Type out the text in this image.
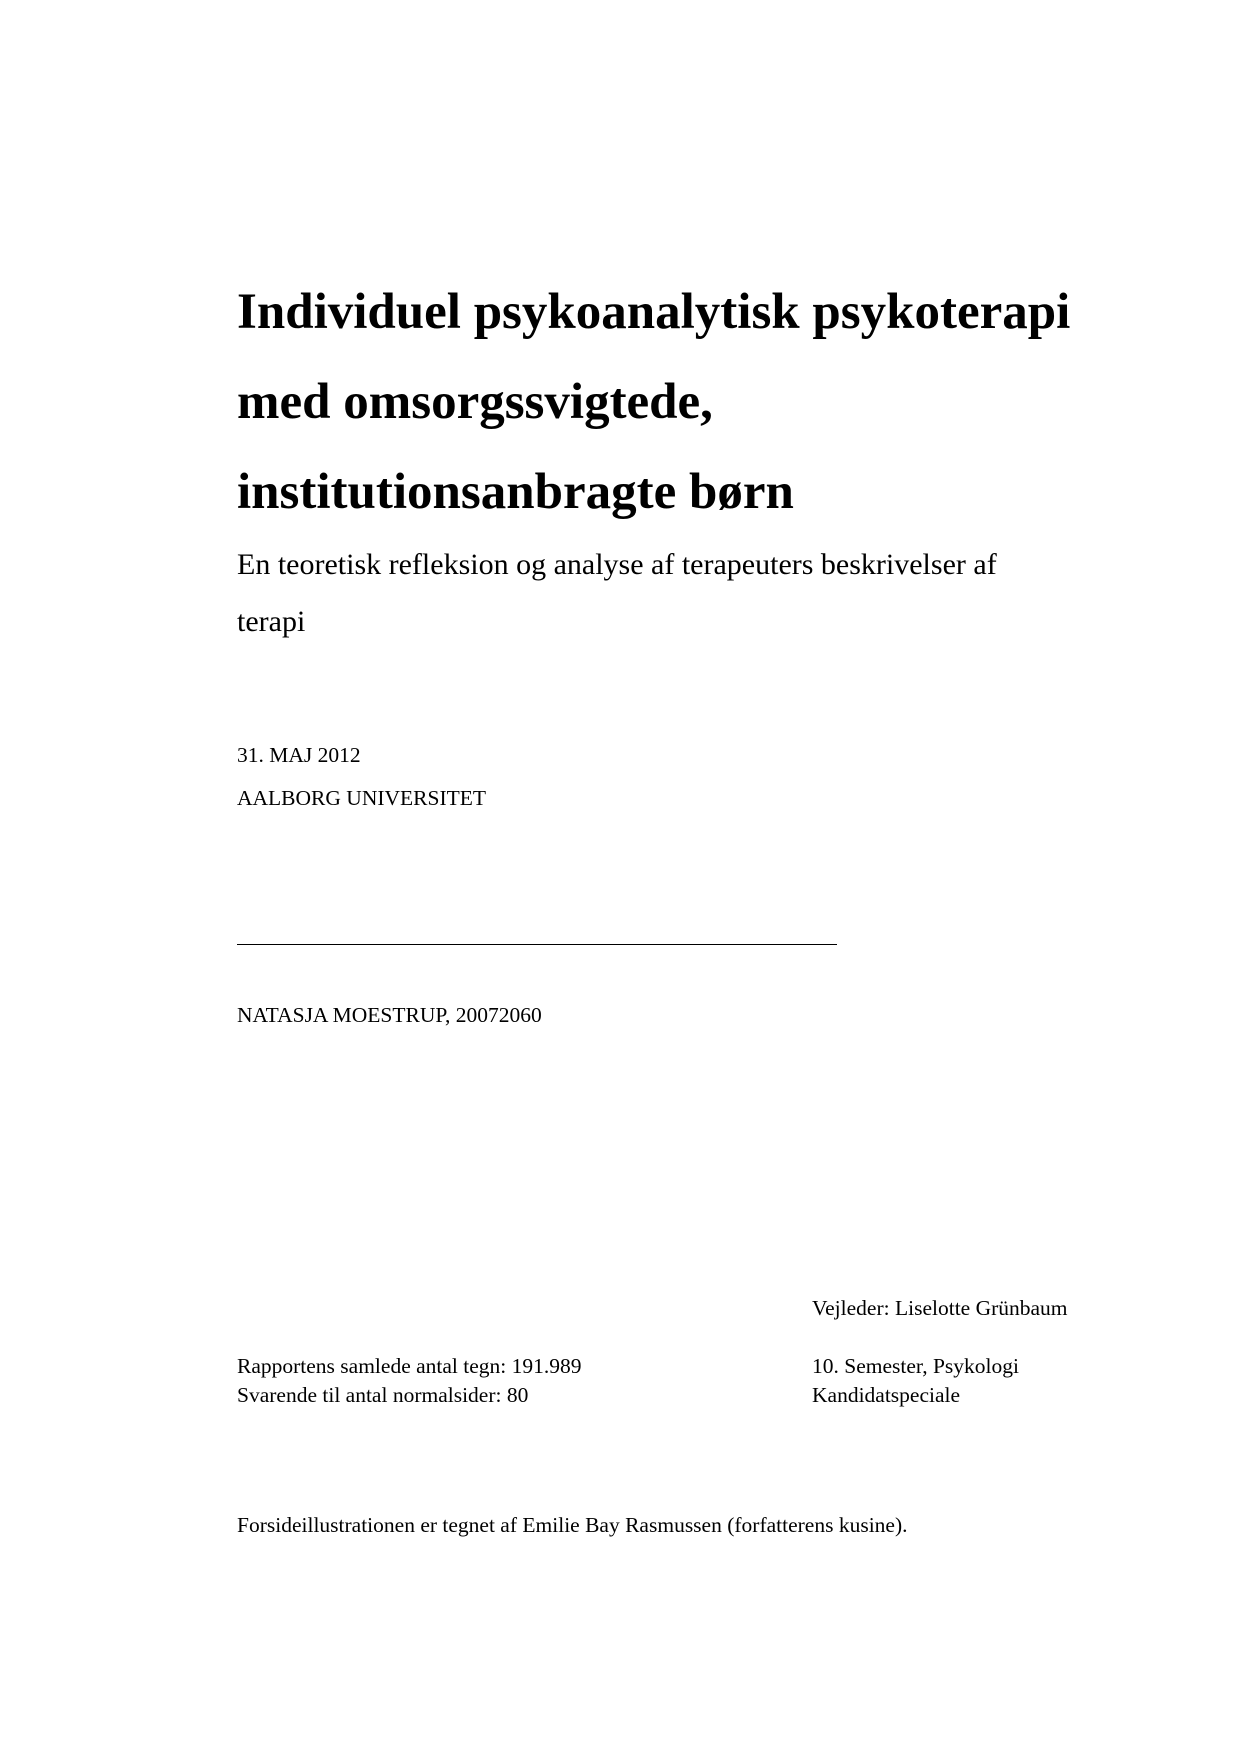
Individuel psykoanalytisk psykoterapi
med omsorgssvigtede,
institutionsanbragte børn
En teoretisk refleksion og analyse af terapeuters beskrivelser af
terapi
31. MAJ 2012
AALBORG UNIVERSITET
NATASJA MOESTRUP, 20072060
Vejleder: Liselotte Grünbaum
Rapportens samlede antal tegn: 191.989
Svarende til antal normalsider: 80
10. Semester, Psykologi
Kandidatspeciale
Forsideillustrationen er tegnet af Emilie Bay Rasmussen (forfatterens kusine).
